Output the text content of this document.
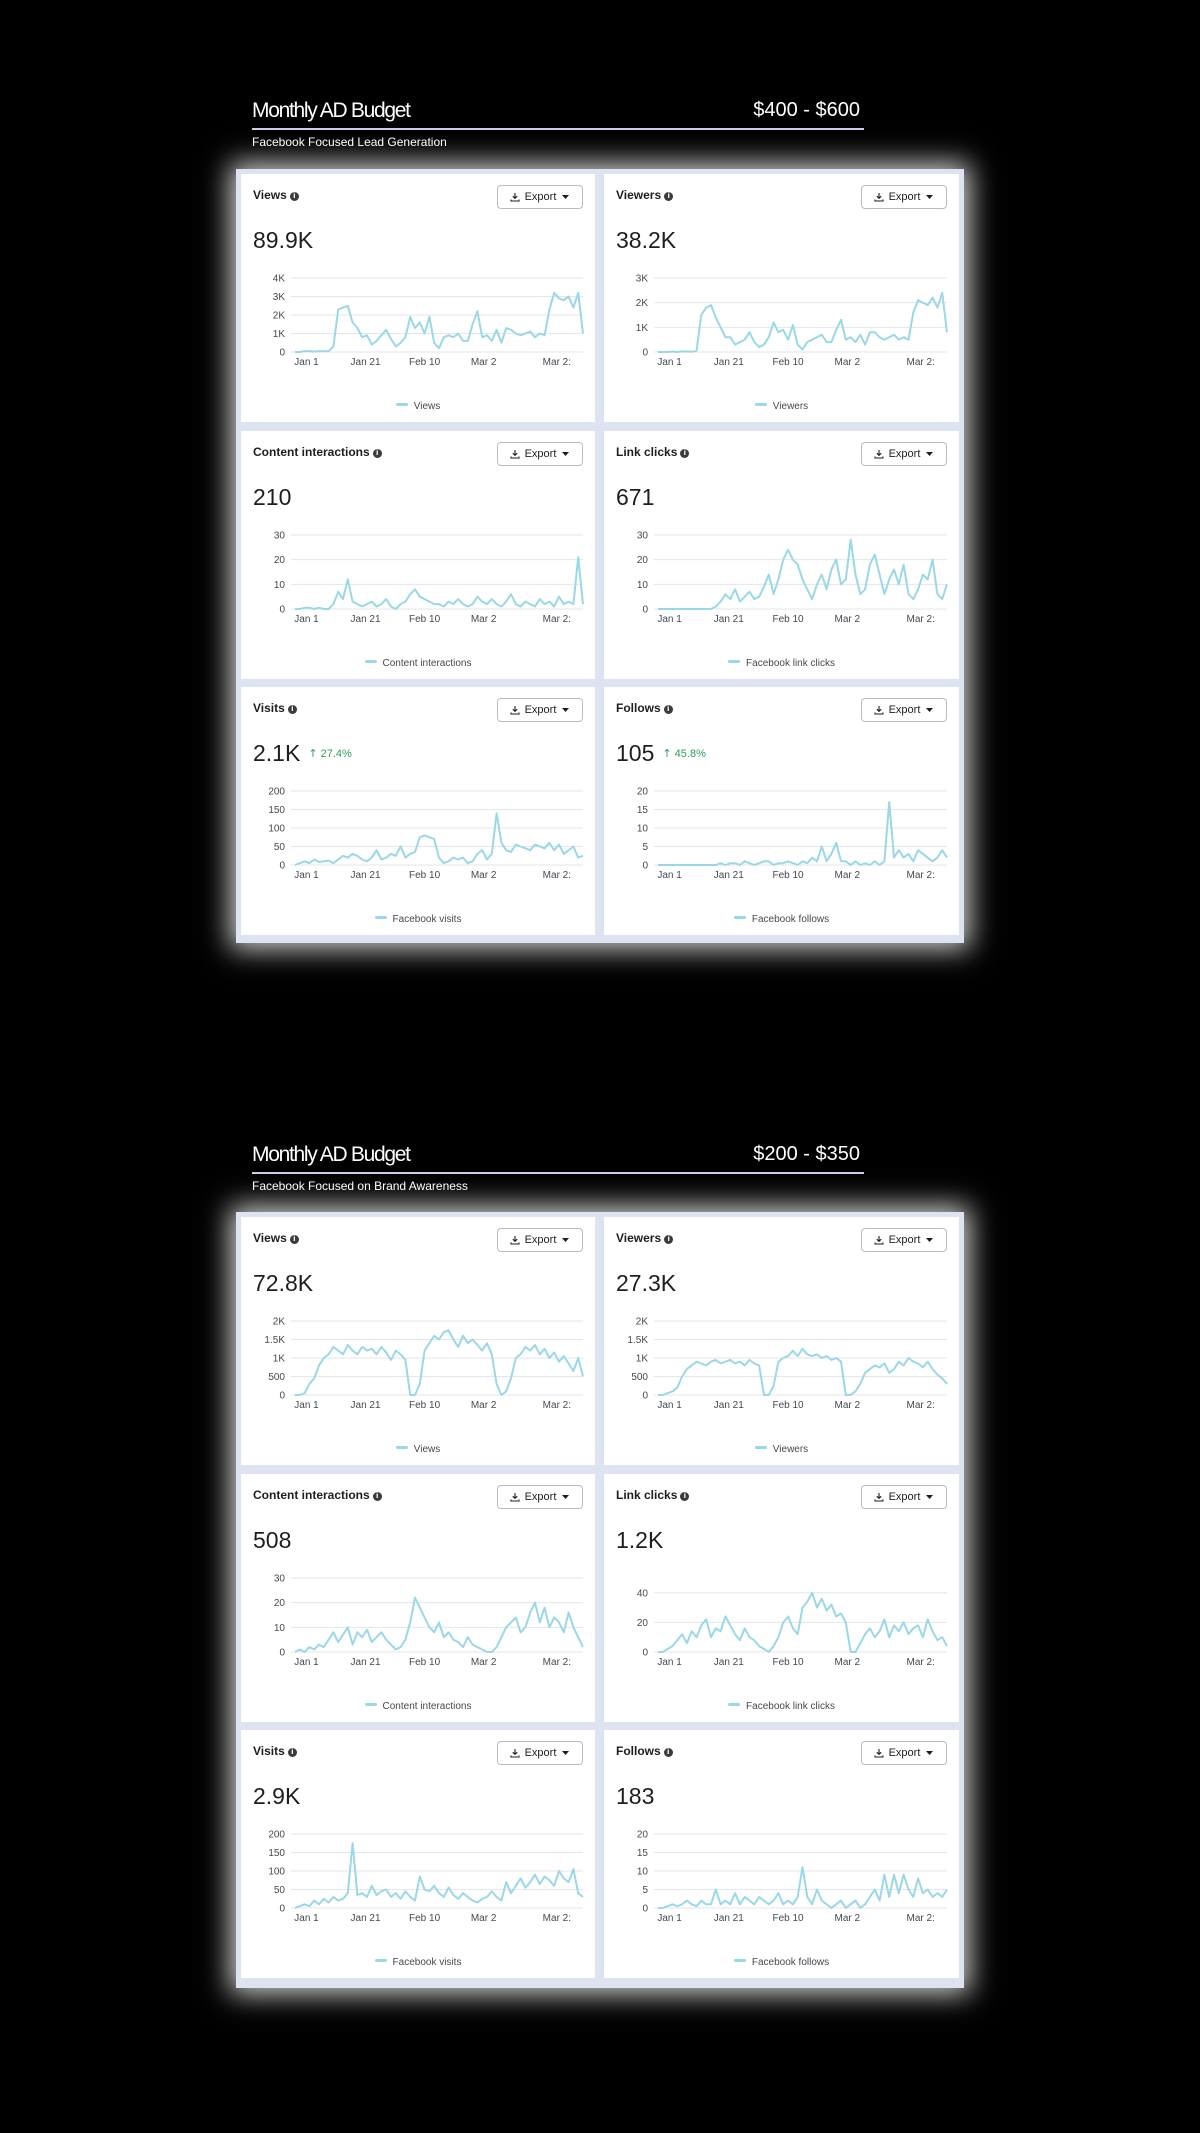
Monthly AD Budget	$400 - $600
Facebook Focused Lead Generation
Monthly AD Budget	$200 - $350
Facebook Focused on Brand Awareness
Views i	Export
89.9K
0
1K
2K
3K
4K
Jan 1	Jan 21	Feb 10	Mar 2	Mar 2:
Views
Viewers i	Export
38.2K
0
1K
2K
3K
Jan 1	Jan 21	Feb 10	Mar 2	Mar 2:
Viewers
Content interactions i	Export
210
0
10
20
30
Jan 1	Jan 21	Feb 10	Mar 2	Mar 2:
Content interactions
Link clicks i	Export
671
0
10
20
30
Jan 1	Jan 21	Feb 10	Mar 2	Mar 2:
Facebook link clicks
Visits i	Export
2.1K ↑ 27.4%
0
50
100
150
200
Jan 1	Jan 21	Feb 10	Mar 2	Mar 2:
Facebook visits
Follows i	Export
105 ↑ 45.8%
0
5
10
15
20
Jan 1	Jan 21	Feb 10	Mar 2	Mar 2:
Facebook follows
Views i	Export
72.8K
0
500
1K
1.5K
2K
Jan 1	Jan 21	Feb 10	Mar 2	Mar 2:
Views
Viewers i	Export
27.3K
0
500
1K
1.5K
2K
Jan 1	Jan 21	Feb 10	Mar 2	Mar 2:
Viewers
Content interactions i	Export
508
0
10
20
30
Jan 1	Jan 21	Feb 10	Mar 2	Mar 2:
Content interactions
Link clicks i	Export
1.2K
0
20
40
Jan 1	Jan 21	Feb 10	Mar 2	Mar 2:
Facebook link clicks
Visits i	Export
2.9K
0
50
100
150
200
Jan 1	Jan 21	Feb 10	Mar 2	Mar 2:
Facebook visits
Follows i	Export
183
0
5
10
15
20
Jan 1	Jan 21	Feb 10	Mar 2	Mar 2:
Facebook follows
